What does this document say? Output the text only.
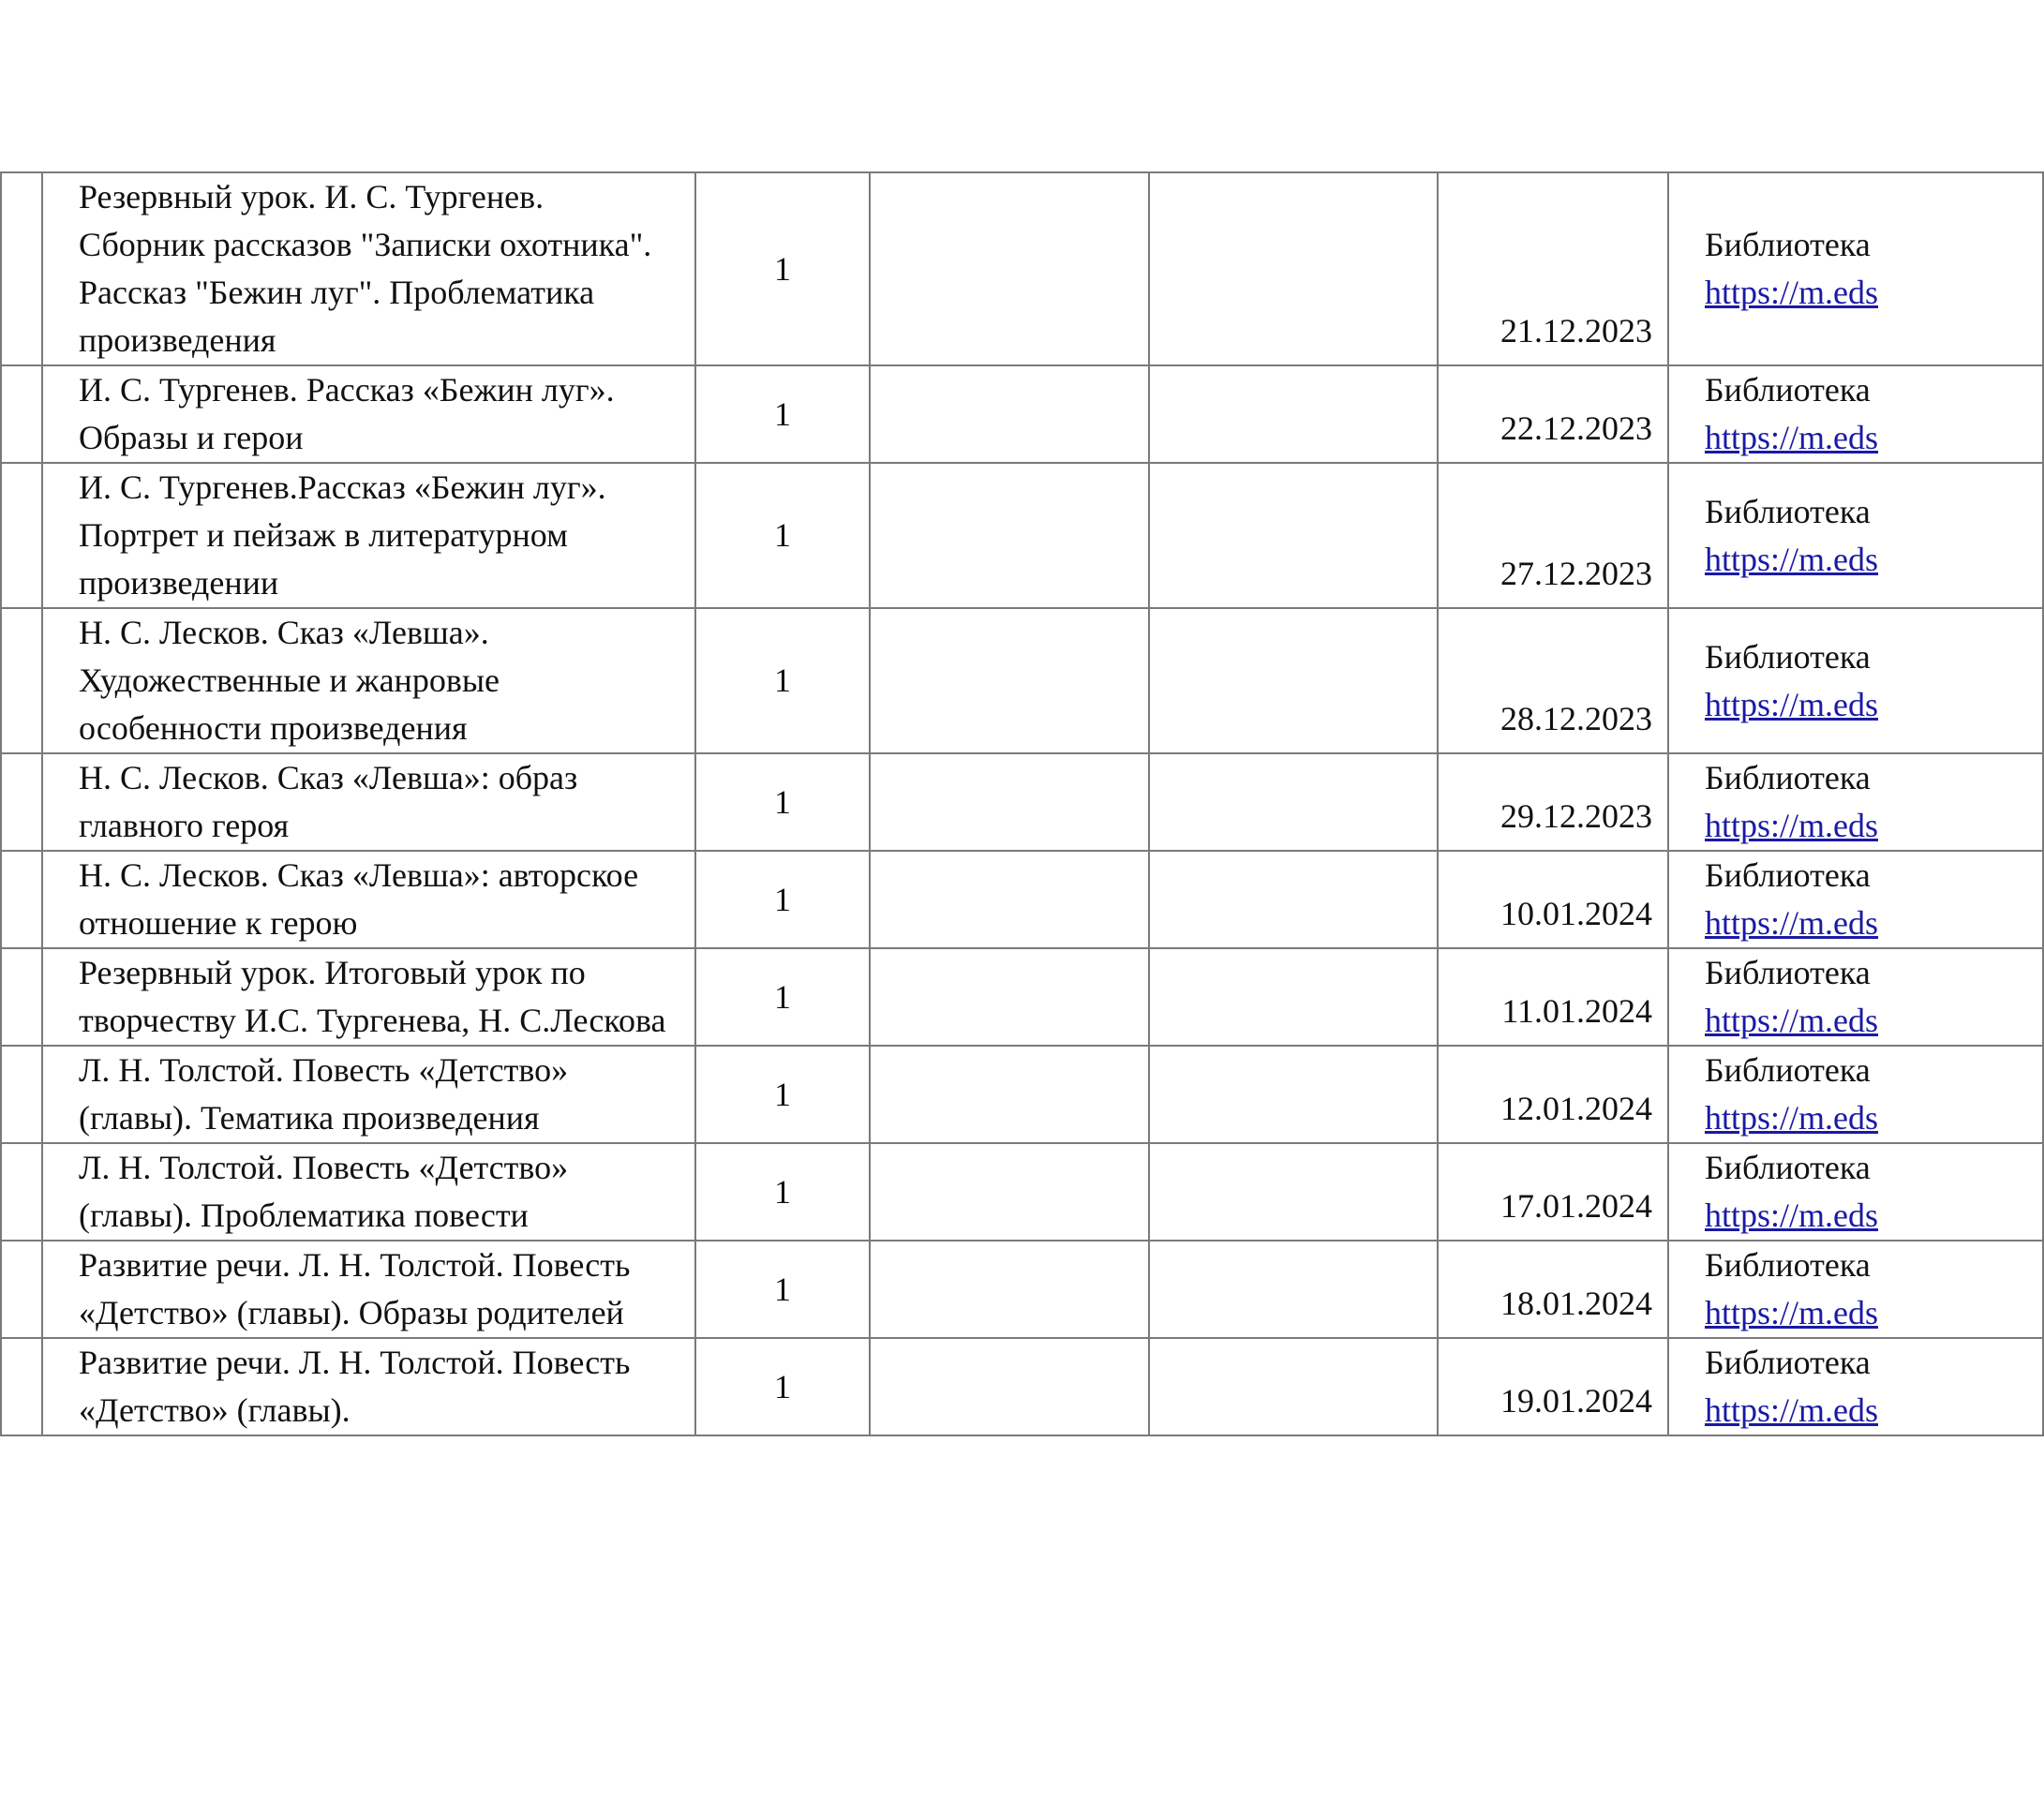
	Резервный урок. И. С. Тургенев. Сборник рассказов "Записки охотника". Рассказ "Бежин луг". Проблематика произведения	1			21.12.2023	Библиотека
https://m.eds

	И. С. Тургенев. Рассказ «Бежин луг». Образы и герои	1			22.12.2023	Библиотека
https://m.eds

	И. С. Тургенев.Рассказ «Бежин луг». Портрет и пейзаж в литературном произведении	1			27.12.2023	Библиотека
https://m.eds

	Н. С. Лесков. Сказ «Левша». Художественные и жанровые особенности произведения	1			28.12.2023	Библиотека
https://m.eds

	Н. С. Лесков. Сказ «Левша»: образ главного героя	1			29.12.2023	Библиотека
https://m.eds

	Н. С. Лесков. Сказ «Левша»: авторское отношение к герою	1			10.01.2024	Библиотека
https://m.eds

	Резервный урок. Итоговый урок по творчеству И.С. Тургенева, Н. С.Лескова	1			11.01.2024	Библиотека
https://m.eds

	Л. Н. Толстой. Повесть «Детство» (главы). Тематика произведения	1			12.01.2024	Библиотека
https://m.eds

	Л. Н. Толстой. Повесть «Детство» (главы). Проблематика повести	1			17.01.2024	Библиотека
https://m.eds

	Развитие речи. Л. Н. Толстой. Повесть «Детство» (главы). Образы родителей	1			18.01.2024	Библиотека
https://m.eds

	Развитие речи. Л. Н. Толстой. Повесть «Детство» (главы).	1			19.01.2024	Библиотека
https://m.eds
